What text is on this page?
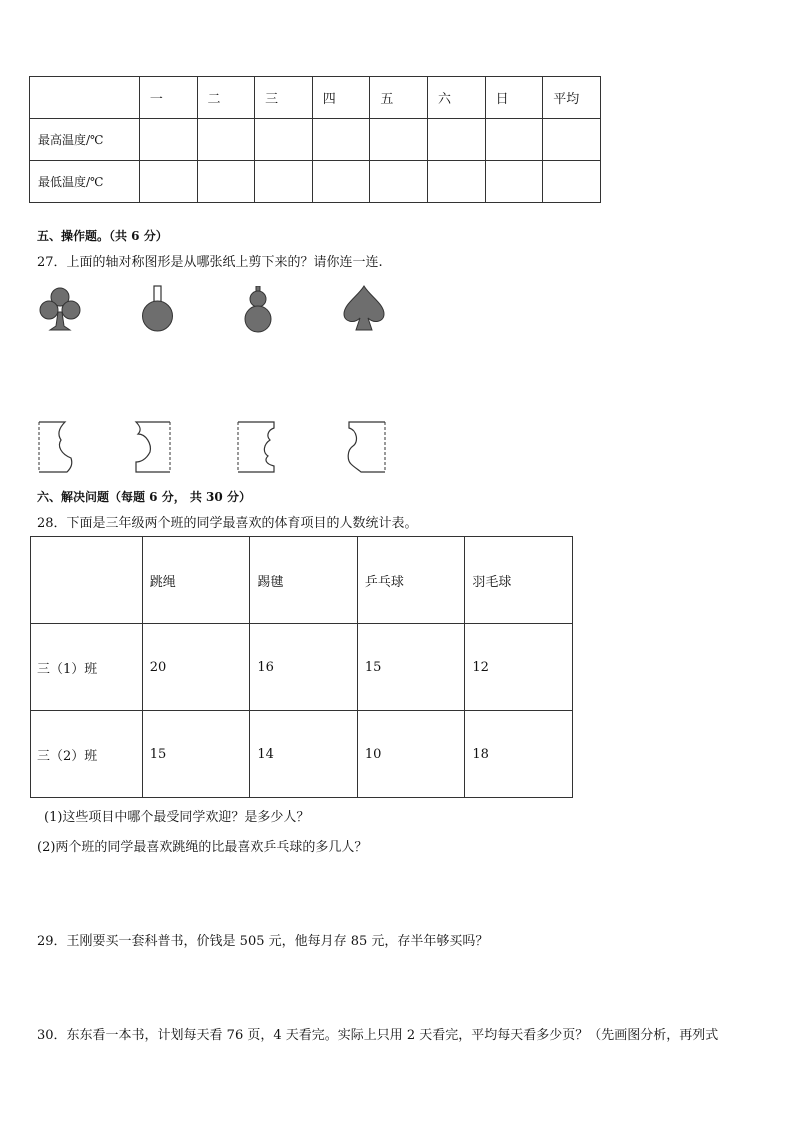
	一	二	三	四	五	六	日	平均
最高温度/℃								
最低温度/℃								
五、操作题。（共 6 分）
27．上面的轴对称图形是从哪张纸上剪下来的？请你连一连.
六、解决问题（每题 6 分， 共 30 分）
28．下面是三年级两个班的同学最喜欢的体育项目的人数统计表。
	跳绳	踢毽	乒乓球	羽毛球
三（1）班	20	16	15	12
三（2）班	15	14	10	18
(1)这些项目中哪个最受同学欢迎？是多少人？
(2)两个班的同学最喜欢跳绳的比最喜欢乒乓球的多几人？
29．王刚要买一套科普书，价钱是 505 元，他每月存 85 元，存半年够买吗？
30．东东看一本书，计划每天看 76 页，4 天看完。实际上只用 2 天看完，平均每天看多少页？（先画图分析，再列式
